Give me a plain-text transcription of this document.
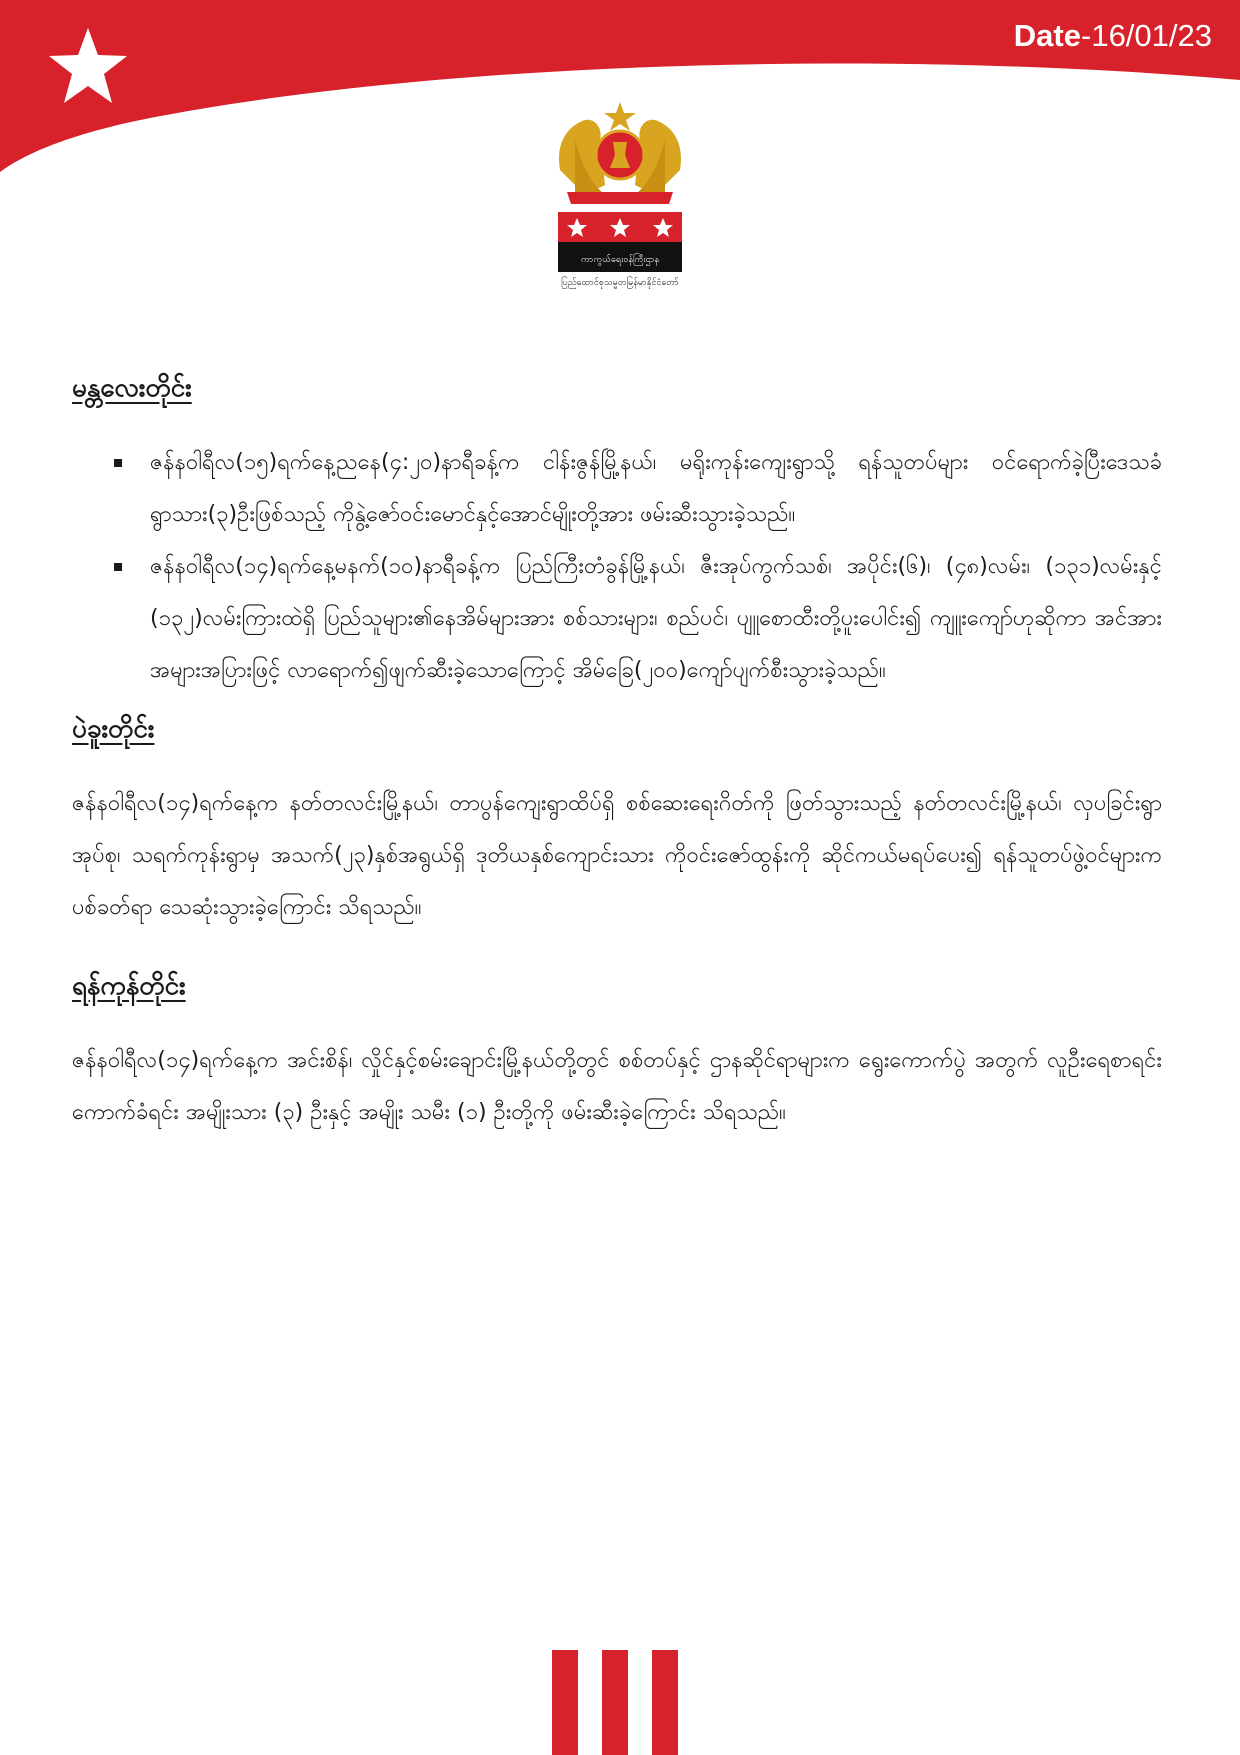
Date-16/01/23
ကာကွယ်ရေးဝန်ကြီးဌာန
ပြည်ထောင်စုသမ္မတမြန်မာနိုင်ငံတော်
မန္တလေးတိုင်း
ဇန်နဝါရီလ(၁၅)ရက်နေ့ညနေ(၄:၂၀)နာရီခန့်က ငါန်းဇွန်မြို့နယ်၊ မရိုးကုန်းကျေးရွာသို့ ရန်သူတပ်များ ဝင်ရောက်ခဲ့ပြီးဒေသခံရွာသား(၃)ဦးဖြစ်သည့် ကိုနွဲ့ဇော်ဝင်းမောင်နှင့်အောင်မျိုးတို့အား ဖမ်းဆီးသွားခဲ့သည်။
ဇန်နဝါရီလ(၁၄)ရက်နေ့မနက်(၁၀)နာရီခန့်က ပြည်ကြီးတံခွန်မြို့နယ်၊ ဇီးအုပ်ကွက်သစ်၊ အပိုင်း(၆)၊ (၄၈)လမ်း၊ (၁၃၁)လမ်းနှင့် (၁၃၂)လမ်းကြားထဲရှိ ပြည်သူများ၏နေအိမ်များအား စစ်သားများ၊ စည်ပင်၊ ပျူစောထီးတို့ပူးပေါင်း၍ ကျူးကျော်ဟုဆိုကာ အင်အားအများအပြားဖြင့် လာရောက်၍ဖျက်ဆီးခဲ့သောကြောင့် အိမ်ခြေ(၂၀၀)ကျော်ပျက်စီးသွားခဲ့သည်။
ပဲခူးတိုင်း

ဇန်နဝါရီလ(၁၄)ရက်နေ့က နတ်တလင်းမြို့နယ်၊ တာပွန်ကျေးရွာထိပ်ရှိ စစ်ဆေးရေးဂိတ်ကို ဖြတ်သွားသည့် နတ်တလင်းမြို့နယ်၊ လှပခြင်းရွာအုပ်စု၊ သရက်ကုန်းရွာမှ အသက်(၂၃)နှစ်အရွယ်ရှိ ဒုတိယနှစ်ကျောင်းသား ကိုဝင်းဇော်ထွန်းကို ဆိုင်ကယ်မရပ်ပေး၍ ရန်သူတပ်ဖွဲ့ဝင်များက ပစ်ခတ်ရာ သေဆုံးသွားခဲ့ကြောင်း သိရသည်။

ရန်ကုန်တိုင်း

ဇန်နဝါရီလ(၁၄)ရက်နေ့က အင်းစိန်၊ လှိုင်နှင့်စမ်းချောင်းမြို့နယ်တို့တွင် စစ်တပ်နှင့် ဌာနဆိုင်ရာများက ရွေးကောက်ပွဲ အတွက် လူဦးရေစာရင်းကောက်ခံရင်း အမျိုးသား (၃) ဦးနှင့် အမျိုး သမီး (၁) ဦးတို့ကို ဖမ်းဆီးခဲ့ကြောင်း သိရသည်။
